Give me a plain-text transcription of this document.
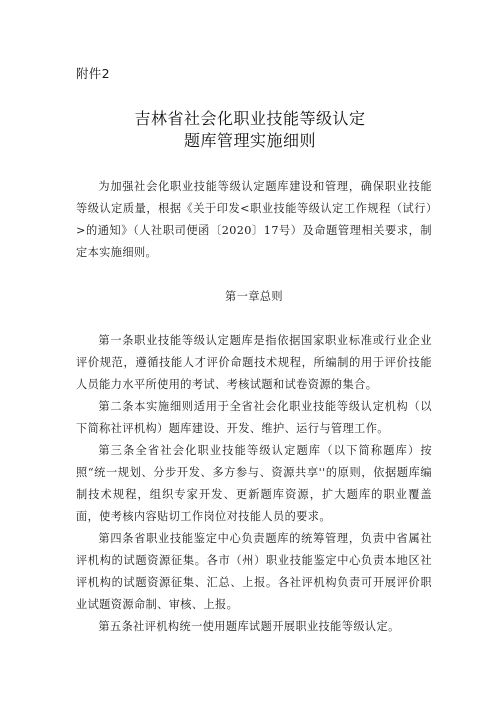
附件2

吉林省社会化职业技能等级认定
题库管理实施细则

为加强社会化职业技能等级认定题库建设和管理，确保职业技能等级认定质量，根据《关于印发<职业技能等级认定工作规程（试行）>的通知》（人社职司便函〔2020〕17号）及命题管理相关要求，制定本实施细则。

第一章总则

第一条职业技能等级认定题库是指依据国家职业标准或行业企业评价规范，遵循技能人才评价命题技术规程，所编制的用于评价技能人员能力水平所使用的考试、考核试题和试卷资源的集合。

第二条本实施细则适用于全省社会化职业技能等级认定机构（以下简称社评机构）题库建设、开发、维护、运行与管理工作。

第三条全省社会化职业技能等级认定题库（以下简称题库）按照“统一规划、分步开发、多方参与、资源共享''的原则，依据题库编制技术规程，组织专家开发、更新题库资源，扩大题库的职业覆盖面，使考核内容贴切工作岗位对技能人员的要求。

第四条省职业技能鉴定中心负责题库的统筹管理，负责中省属社评机构的试题资源征集。各市（州）职业技能鉴定中心负责本地区社评机构的试题资源征集、汇总、上报。各社评机构负责可开展评价职业试题资源命制、审核、上报。

第五条社评机构统一使用题库试题开展职业技能等级认定。
